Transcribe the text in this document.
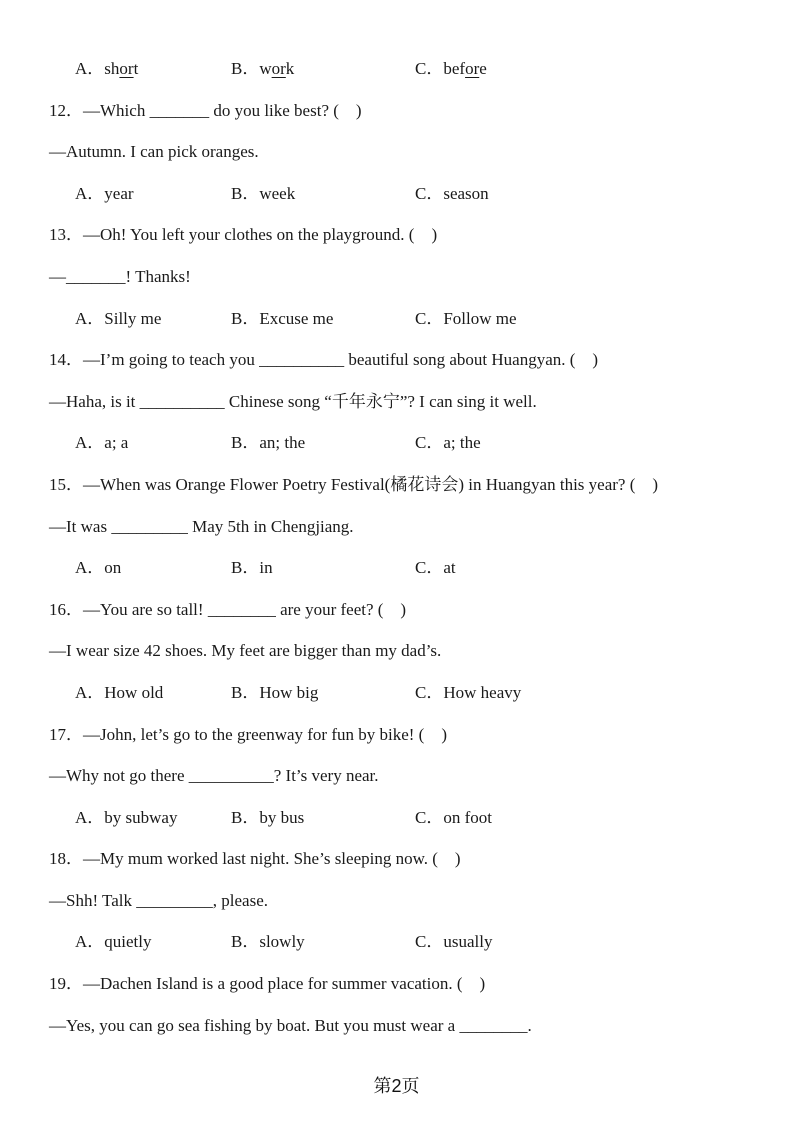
A．short

	B．work

	C．before

12．—Which _______ do you like best? (　)
—Autumn. I can pick oranges.

A．year

	B．week

	C．season

13．—Oh! You left your clothes on the playground. (　)
—_______! Thanks!

A．Silly me

	B．Excuse me

	C．Follow me

14．—I’m going to teach you __________ beautiful song about Huangyan. (　)
—Haha, is it __________ Chinese song “千年永宁”? I can sing it well.

A．a; a

	B．an; the

	C．a; the

15．—When was Orange Flower Poetry Festival(橘花诗会) in Huangyan this year? (　)
—It was _________ May 5th in Chengjiang.

A．on

	B．in

	C．at

16．—You are so tall! ________ are your feet? (　)
—I wear size 42 shoes. My feet are bigger than my dad’s.

A．How old

	B．How big

	C．How heavy

17．—John, let’s go to the greenway for fun by bike! (　)
—Why not go there __________? It’s very near.

A．by subway

	B．by bus

	C．on foot

18．—My mum worked last night. She’s sleeping now. (　)
—Shh! Talk _________, please.

A．quietly

	B．slowly

	C．usually

19．—Dachen Island is a good place for summer vacation. (　)
—Yes, you can go sea fishing by boat. But you must wear a ________.
第2页
